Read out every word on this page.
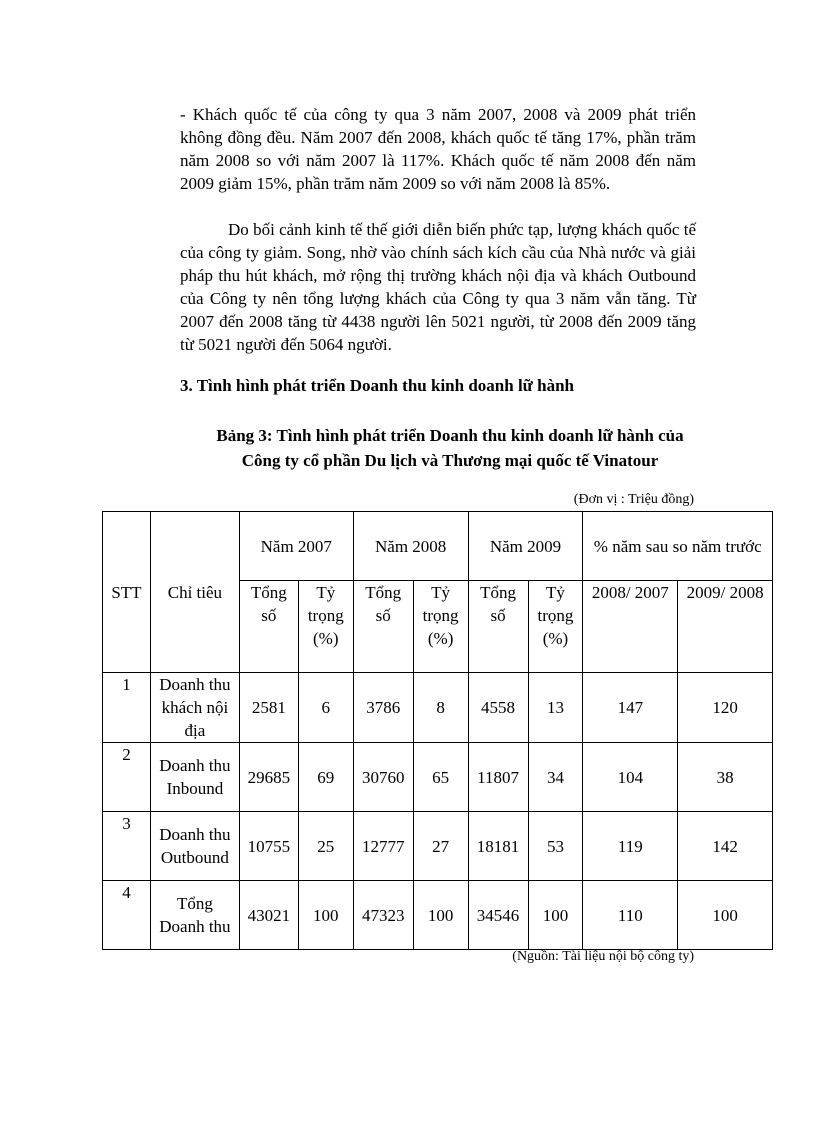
- Khách quốc tế của công ty qua 3 năm 2007, 2008 và 2009 phát triển không đồng đều. Năm 2007 đến 2008, khách quốc tế tăng 17%, phần trăm năm 2008 so với năm 2007 là 117%. Khách quốc tế năm 2008 đến năm 2009 giảm 15%, phần trăm năm 2009 so với năm 2008 là 85%.

Do bối cảnh kinh tế thế giới diễn biến phức tạp, lượng khách quốc tế của công ty giảm. Song, nhờ vào chính sách kích cầu của Nhà nước và giải pháp thu hút khách, mở rộng thị trường khách nội địa và khách Outbound của Công ty nên tổng lượng khách của Công ty qua 3 năm vẫn tăng. Từ 2007 đến 2008 tăng từ 4438 người lên 5021 người, từ 2008 đến 2009 tăng từ 5021 người đến 5064 người.

3. Tình hình phát triển Doanh thu kinh doanh lữ hành
Bảng 3: Tình hình phát triển Doanh thu kinh doanh lữ hành của
Công ty cổ phần Du lịch và Thương mại quốc tế Vinatour
(Đơn vị : Triệu đồng)
STT	Chỉ tiêu	Năm 2007		Năm 2008		Năm 2009		% năm sau so năm trước	
		Tổng số	Tỷ trọng (%)	Tổng số	Tỷ trọng (%)	Tổng số	Tỷ trọng (%)	2008/ 2007	2009/ 2008
1	Doanh thu khách nội địa	2581	6	3786	8	4558	13	147	120
2	Doanh thu Inbound	29685	69	30760	65	11807	34	104	38
3	Doanh thu Outbound	10755	25	12777	27	18181	53	119	142
4	Tổng Doanh thu	43021	100	47323	100	34546	100	110	100
(Nguồn: Tài liệu nội bộ công ty)
